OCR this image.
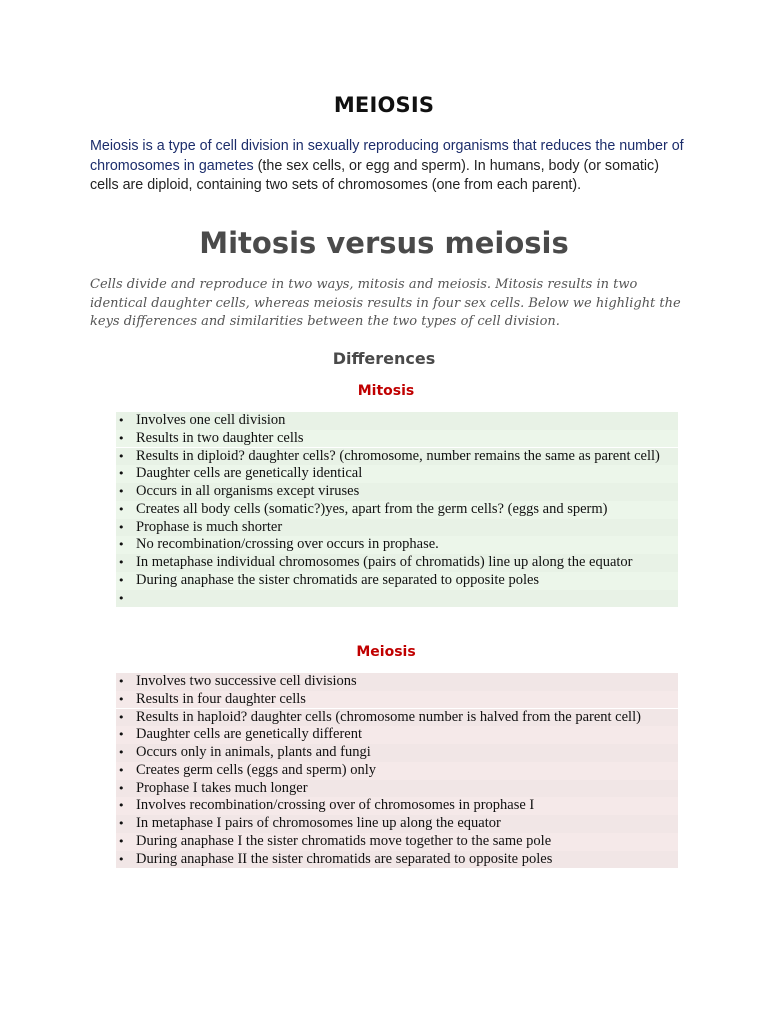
MEIOSIS
Meiosis is a type of cell division in sexually reproducing organisms that reduces the number of chromosomes in gametes (the sex cells, or egg and sperm). In humans, body (or somatic) cells are diploid, containing two sets of chromosomes (one from each parent).
Mitosis versus meiosis
Cells divide and reproduce in two ways, mitosis and meiosis. Mitosis results in two identical daughter cells, whereas meiosis results in four sex cells. Below we highlight the keys differences and similarities between the two types of cell division.
Differences
Mitosis
• Involves one cell division
• Results in two daughter cells
• Results in diploid? daughter cells? (chromosome, number remains the same as parent cell)
• Daughter cells are genetically identical
• Occurs in all organisms except viruses
• Creates all body cells (somatic?)yes, apart from the germ cells? (eggs and sperm)
• Prophase is much shorter
• No recombination/crossing over occurs in prophase.
• In metaphase individual chromosomes (pairs of chromatids) line up along the equator
• During anaphase the sister chromatids are separated to opposite poles
•
Meiosis
• Involves two successive cell divisions
• Results in four daughter cells
• Results in haploid? daughter cells (chromosome number is halved from the parent cell)
• Daughter cells are genetically different
• Occurs only in animals, plants and fungi
• Creates germ cells (eggs and sperm) only
• Prophase I takes much longer
• Involves recombination/crossing over of chromosomes in prophase I
• In metaphase I pairs of chromosomes line up along the equator
• During anaphase I the sister chromatids move together to the same pole
• During anaphase II the sister chromatids are separated to opposite poles
